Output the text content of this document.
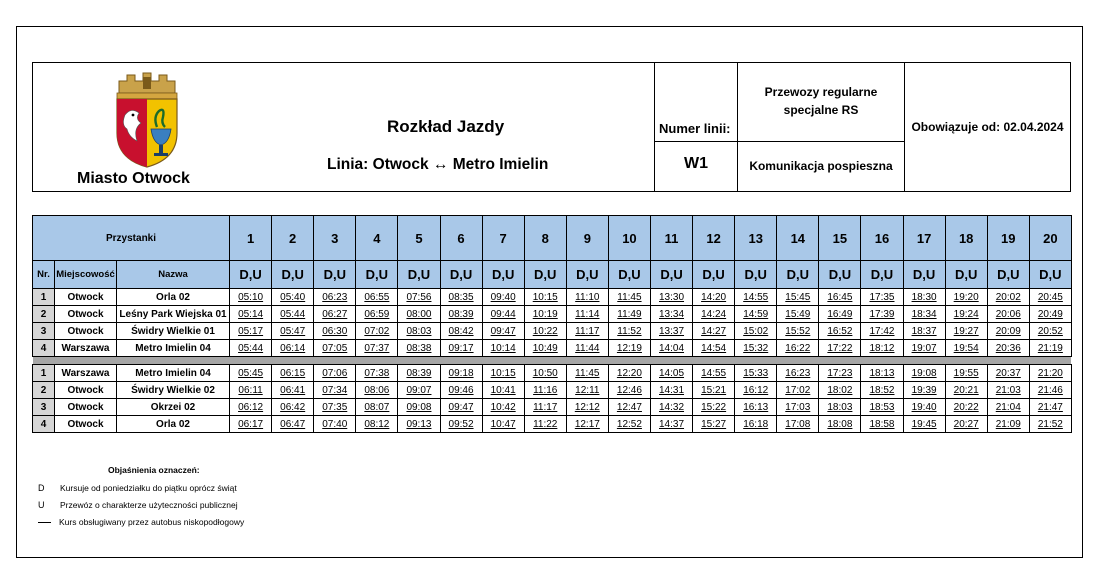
Miasto Otwock
Rozkład Jazdy
Linia: Otwock ↔ Metro Imielin
Numer linii:
W1
Przewozy regularne specjalne RS
Komunikacja pospieszna
Obowiązuje od: 02.04.2024
Przystanki			1	2	3	4	5	6	7	8	9	10	11	12	13	14	15	16	17	18	19	20
Nr.	Miejscowość	Nazwa	D,U	D,U	D,U	D,U	D,U	D,U	D,U	D,U	D,U	D,U	D,U	D,U	D,U	D,U	D,U	D,U	D,U	D,U	D,U	D,U
1	Otwock	Orla 02	05:10	05:40	06:23	06:55	07:56	08:35	09:40	10:15	11:10	11:45	13:30	14:20	14:55	15:45	16:45	17:35	18:30	19:20	20:02	20:45
2	Otwock	Leśny Park Wiejska 01	05:14	05:44	06:27	06:59	08:00	08:39	09:44	10:19	11:14	11:49	13:34	14:24	14:59	15:49	16:49	17:39	18:34	19:24	20:06	20:49
3	Otwock	Świdry Wielkie 01	05:17	05:47	06:30	07:02	08:03	08:42	09:47	10:22	11:17	11:52	13:37	14:27	15:02	15:52	16:52	17:42	18:37	19:27	20:09	20:52
4	Warszawa	Metro Imielin 04	05:44	06:14	07:05	07:37	08:38	09:17	10:14	10:49	11:44	12:19	14:04	14:54	15:32	16:22	17:22	18:12	19:07	19:54	20:36	21:19

1	Warszawa	Metro Imielin 04	05:45	06:15	07:06	07:38	08:39	09:18	10:15	10:50	11:45	12:20	14:05	14:55	15:33	16:23	17:23	18:13	19:08	19:55	20:37	21:20
2	Otwock	Świdry Wielkie 02	06:11	06:41	07:34	08:06	09:07	09:46	10:41	11:16	12:11	12:46	14:31	15:21	16:12	17:02	18:02	18:52	19:39	20:21	21:03	21:46
3	Otwock	Okrzei 02	06:12	06:42	07:35	08:07	09:08	09:47	10:42	11:17	12:12	12:47	14:32	15:22	16:13	17:03	18:03	18:53	19:40	20:22	21:04	21:47
4	Otwock	Orla 02	06:17	06:47	07:40	08:12	09:13	09:52	10:47	11:22	12:17	12:52	14:37	15:27	16:18	17:08	18:08	18:58	19:45	20:27	21:09	21:52
Objaśnienia oznaczeń:
D Kursuje od poniedziałku do piątku oprócz świąt
U Przewóz o charakterze użyteczności publicznej
Kurs obsługiwany przez autobus niskopodłogowy
